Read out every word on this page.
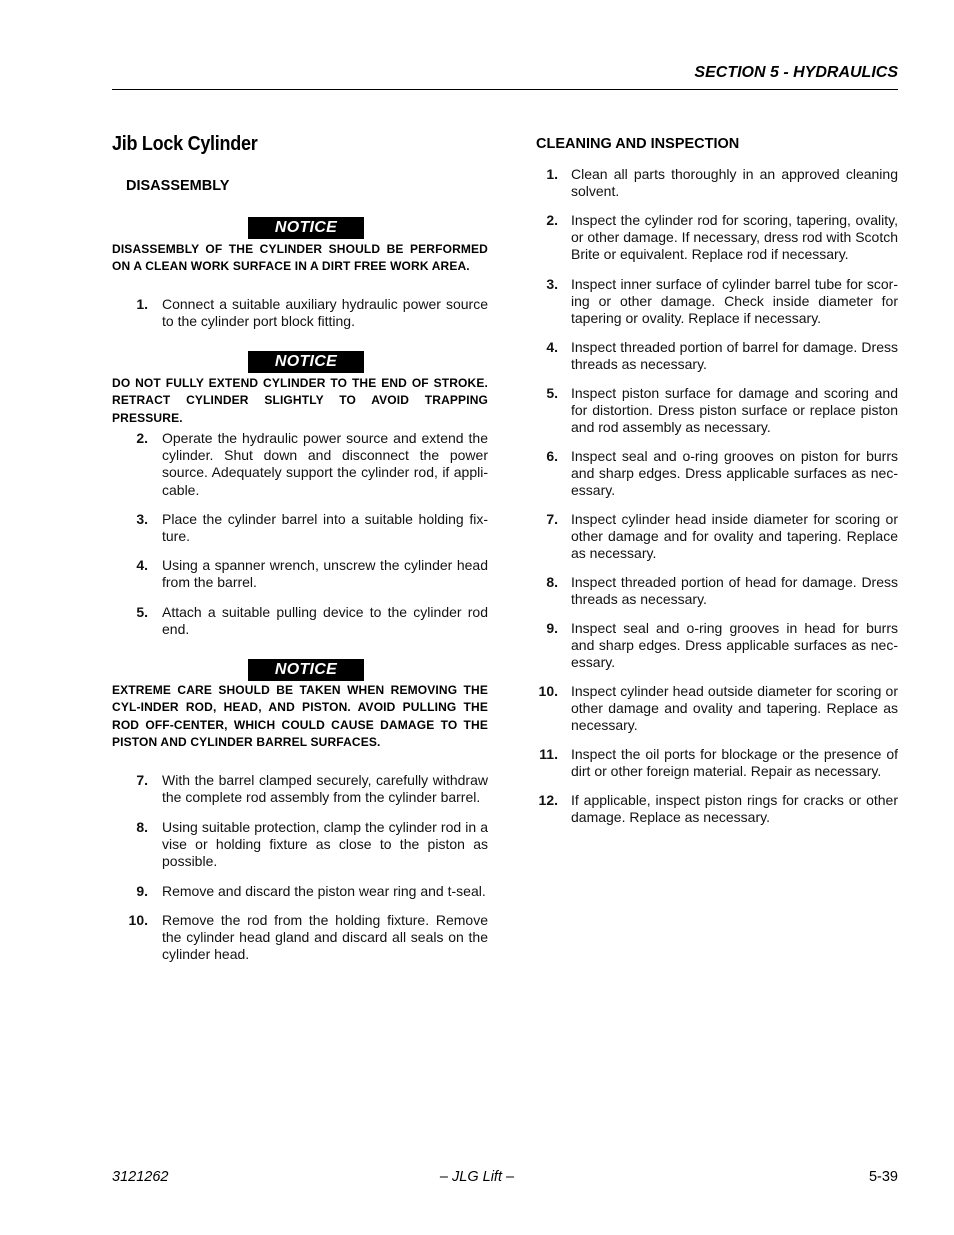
SECTION 5 - HYDRAULICS
Jib Lock Cylinder
DISASSEMBLY
NOTICE
DISASSEMBLY OF THE CYLINDER SHOULD BE PERFORMED ON A CLEAN WORK SURFACE IN A DIRT FREE WORK AREA.
1. Connect a suitable auxiliary hydraulic power source to the cylinder port block fitting.
NOTICE
DO NOT FULLY EXTEND CYLINDER TO THE END OF STROKE. RETRACT CYLINDER SLIGHTLY TO AVOID TRAPPING PRESSURE.
2. Operate the hydraulic power source and extend the cylinder. Shut down and disconnect the power source. Adequately support the cylinder rod, if appli-cable.
3. Place the cylinder barrel into a suitable holding fix-ture.
4. Using a spanner wrench, unscrew the cylinder head from the barrel.
5. Attach a suitable pulling device to the cylinder rod end.
NOTICE
EXTREME CARE SHOULD BE TAKEN WHEN REMOVING THE CYL-INDER ROD, HEAD, AND PISTON. AVOID PULLING THE ROD OFF-CENTER, WHICH COULD CAUSE DAMAGE TO THE PISTON AND CYLINDER BARREL SURFACES.
7. With the barrel clamped securely, carefully withdraw the complete rod assembly from the cylinder barrel.
8. Using suitable protection, clamp the cylinder rod in a vise or holding fixture as close to the piston as possible.
9. Remove and discard the piston wear ring and t-seal.
10. Remove the rod from the holding fixture. Remove the cylinder head gland and discard all seals on the cylinder head.
CLEANING AND INSPECTION
1. Clean all parts thoroughly in an approved cleaning solvent.
2. Inspect the cylinder rod for scoring, tapering, ovality, or other damage. If necessary, dress rod with Scotch Brite or equivalent. Replace rod if necessary.
3. Inspect inner surface of cylinder barrel tube for scor-ing or other damage. Check inside diameter for tapering or ovality. Replace if necessary.
4. Inspect threaded portion of barrel for damage. Dress threads as necessary.
5. Inspect piston surface for damage and scoring and for distortion. Dress piston surface or replace piston and rod assembly as necessary.
6. Inspect seal and o-ring grooves on piston for burrs and sharp edges. Dress applicable surfaces as nec-essary.
7. Inspect cylinder head inside diameter for scoring or other damage and for ovality and tapering. Replace as necessary.
8. Inspect threaded portion of head for damage. Dress threads as necessary.
9. Inspect seal and o-ring grooves in head for burrs and sharp edges. Dress applicable surfaces as nec-essary.
10. Inspect cylinder head outside diameter for scoring or other damage and ovality and tapering. Replace as necessary.
11. Inspect the oil ports for blockage or the presence of dirt or other foreign material. Repair as necessary.
12. If applicable, inspect piston rings for cracks or other damage. Replace as necessary.
3121262	– JLG Lift –	5-39
